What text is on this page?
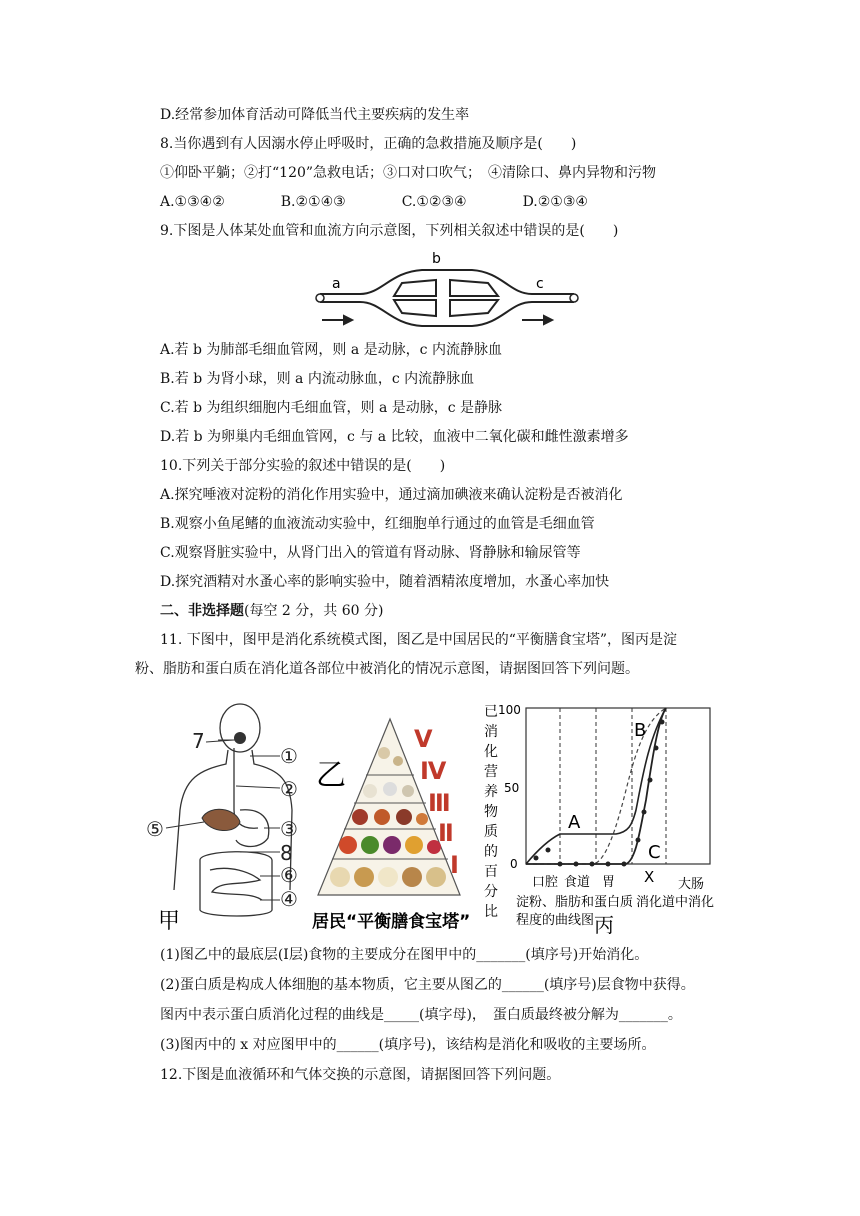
D.经常参加体育活动可降低当代主要疾病的发生率
8.当你遇到有人因溺水停止呼吸时，正确的急救措施及顺序是(　　)
①仰卧平躺；②打“120”急救电话；③口对口吹气；　④清除口、鼻内异物和污物
A.①③④②　　　　B.②①④③　　　　C.①②③④　　　　D.②①③④
9.下图是人体某处血管和血流方向示意图，下列相关叙述中错误的是(　　)
a
b
c
A.若 b 为肺部毛细血管网，则 a 是动脉，c 内流静脉血
B.若 b 为肾小球，则 a 内流动脉血，c 内流静脉血
C.若 b 为组织细胞内毛细血管，则 a 是动脉，c 是静脉
D.若 b 为卵巢内毛细血管网，c 与 a 比较，血液中二氧化碳和雌性激素增多
10.下列关于部分实验的叙述中错误的是(　　)
A.探究唾液对淀粉的消化作用实验中，通过滴加碘液来确认淀粉是否被消化
B.观察小鱼尾鳍的血液流动实验中，红细胞单行通过的血管是毛细血管
C.观察肾脏实验中，从肾门出入的管道有肾动脉、肾静脉和输尿管等
D.探究酒精对水蚤心率的影响实验中，随着酒精浓度增加，水蚤心率加快
二、非选择题(每空 2 分，共 60 分)
11. 下图中，图甲是消化系统模式图，图乙是中国居民的“平衡膳食宝塔”，图丙是淀
粉、脂肪和蛋白质在消化道各部位中被消化的情况示意图，请据图回答下列问题。
7
①
②
③
⑤
8
⑥
④
甲
Ⅴ
Ⅳ
Ⅲ
Ⅱ
Ⅰ
乙
居民“平衡膳食宝塔”
已
消
化
营
养
物
质
的
百
分
比
0
50
100
A
B
C
口腔 食道 胃 X 大肠
淀粉、脂肪和蛋白质 消化道中消化
程度的曲线图 丙
(1)图乙中的最底层(Ⅰ层)食物的主要成分在图甲中的_______(填序号)开始消化。
(2)蛋白质是构成人体细胞的基本物质，它主要从图乙的______(填序号)层食物中获得。
图丙中表示蛋白质消化过程的曲线是_____(填字母)，　蛋白质最终被分解为_______。
(3)图丙中的 x 对应图甲中的______(填序号)，该结构是消化和吸收的主要场所。
12.下图是血液循环和气体交换的示意图，请据图回答下列问题。
